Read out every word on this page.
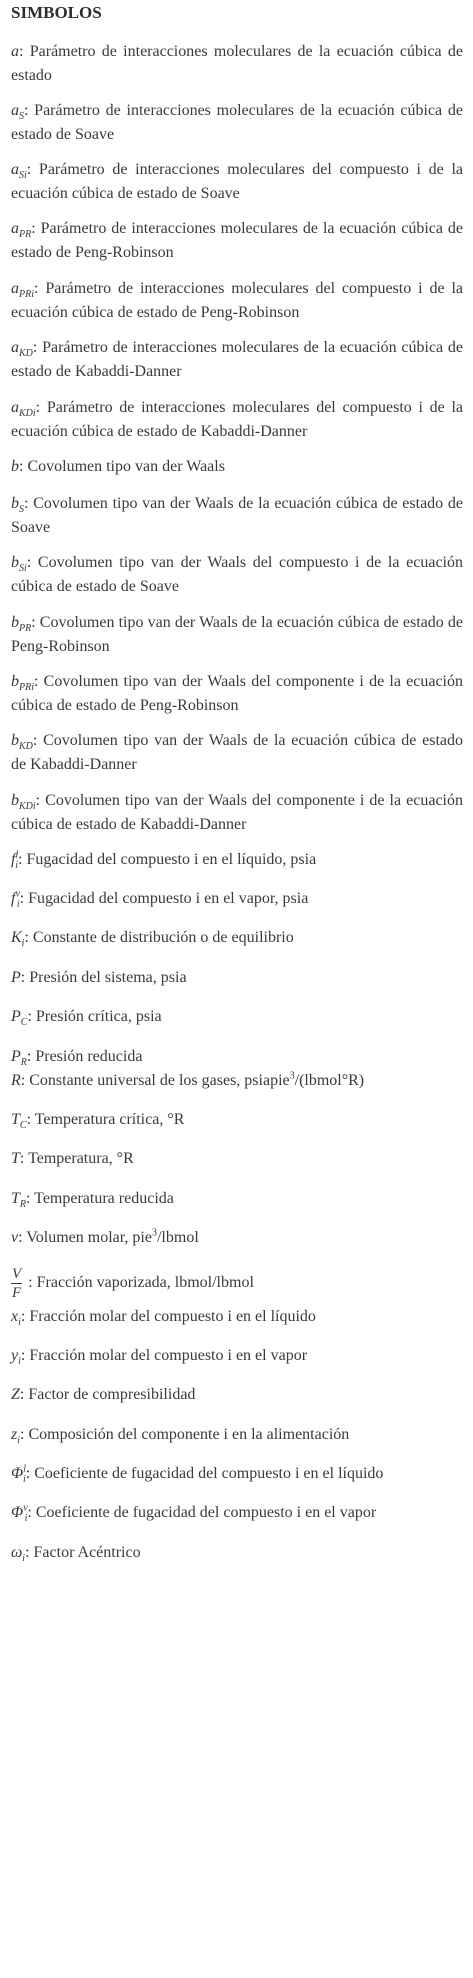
SIMBOLOS

a: Parámetro de interacciones moleculares de la ecuación cúbica de estado

$a_S$: Parámetro de interacciones moleculares de la ecuación cúbica de estado de Soave

$a_{Si}$: Parámetro de interacciones moleculares del compuesto i de la ecuación cúbica de estado de Soave

$a_{PR}$: Parámetro de interacciones moleculares de la ecuación cúbica de estado de Peng-Robinson

$a_{PRi}$: Parámetro de interacciones moleculares del compuesto i de la ecuación cúbica de estado de Peng-Robinson

$a_{KD}$: Parámetro de interacciones moleculares de la ecuación cúbica de estado de Kabaddi-Danner

$a_{KDi}$: Parámetro de interacciones moleculares del compuesto i de la ecuación cúbica de estado de Kabaddi-Danner

b: Covolumen tipo van der Waals

$b_S$: Covolumen tipo van der Waals de la ecuación cúbica de estado de Soave

$b_{Si}$: Covolumen tipo van der Waals del compuesto i de la ecuación cúbica de estado de Soave

$b_{PR}$: Covolumen tipo van der Waals de la ecuación cúbica de estado de Peng-Robinson

$b_{PRi}$: Covolumen tipo van der Waals del componente i de la ecuación cúbica de estado de Peng-Robinson

$b_{KD}$: Covolumen tipo van der Waals de la ecuación cúbica de estado de Kabaddi-Danner

$b_{KDi}$: Covolumen tipo van der Waals del componente i de la ecuación cúbica de estado de Kabaddi-Danner

$f^l_i$: Fugacidad del compuesto i en el líquido, psia

$f^v_i$: Fugacidad del compuesto i en el vapor, psia

$K_i$: Constante de distribución o de equilibrio

P: Presión del sistema, psia

$P_C$: Presión crítica, psia

$P_R$: Presión reducida

R: Constante universal de los gases, psiapie$^3$/(lbmol°R)

$T_C$: Temperatura crítica, °R

T: Temperatura, °R

$T_R$: Temperatura reducida

v: Volumen molar, pie$^3$/lbmol

$\frac{V}{F}$ : Fracción vaporizada, lbmol/lbmol

$x_i$: Fracción molar del compuesto i en el líquido

$y_i$: Fracción molar del compuesto i en el vapor

Z: Factor de compresibilidad

$z_i$: Composición del componente i en la alimentación

$\Phi^l_i$: Coeficiente de fugacidad del compuesto i en el líquido

$\Phi^v_i$: Coeficiente de fugacidad del compuesto i en el vapor

$\omega_i$: Factor Acéntrico
